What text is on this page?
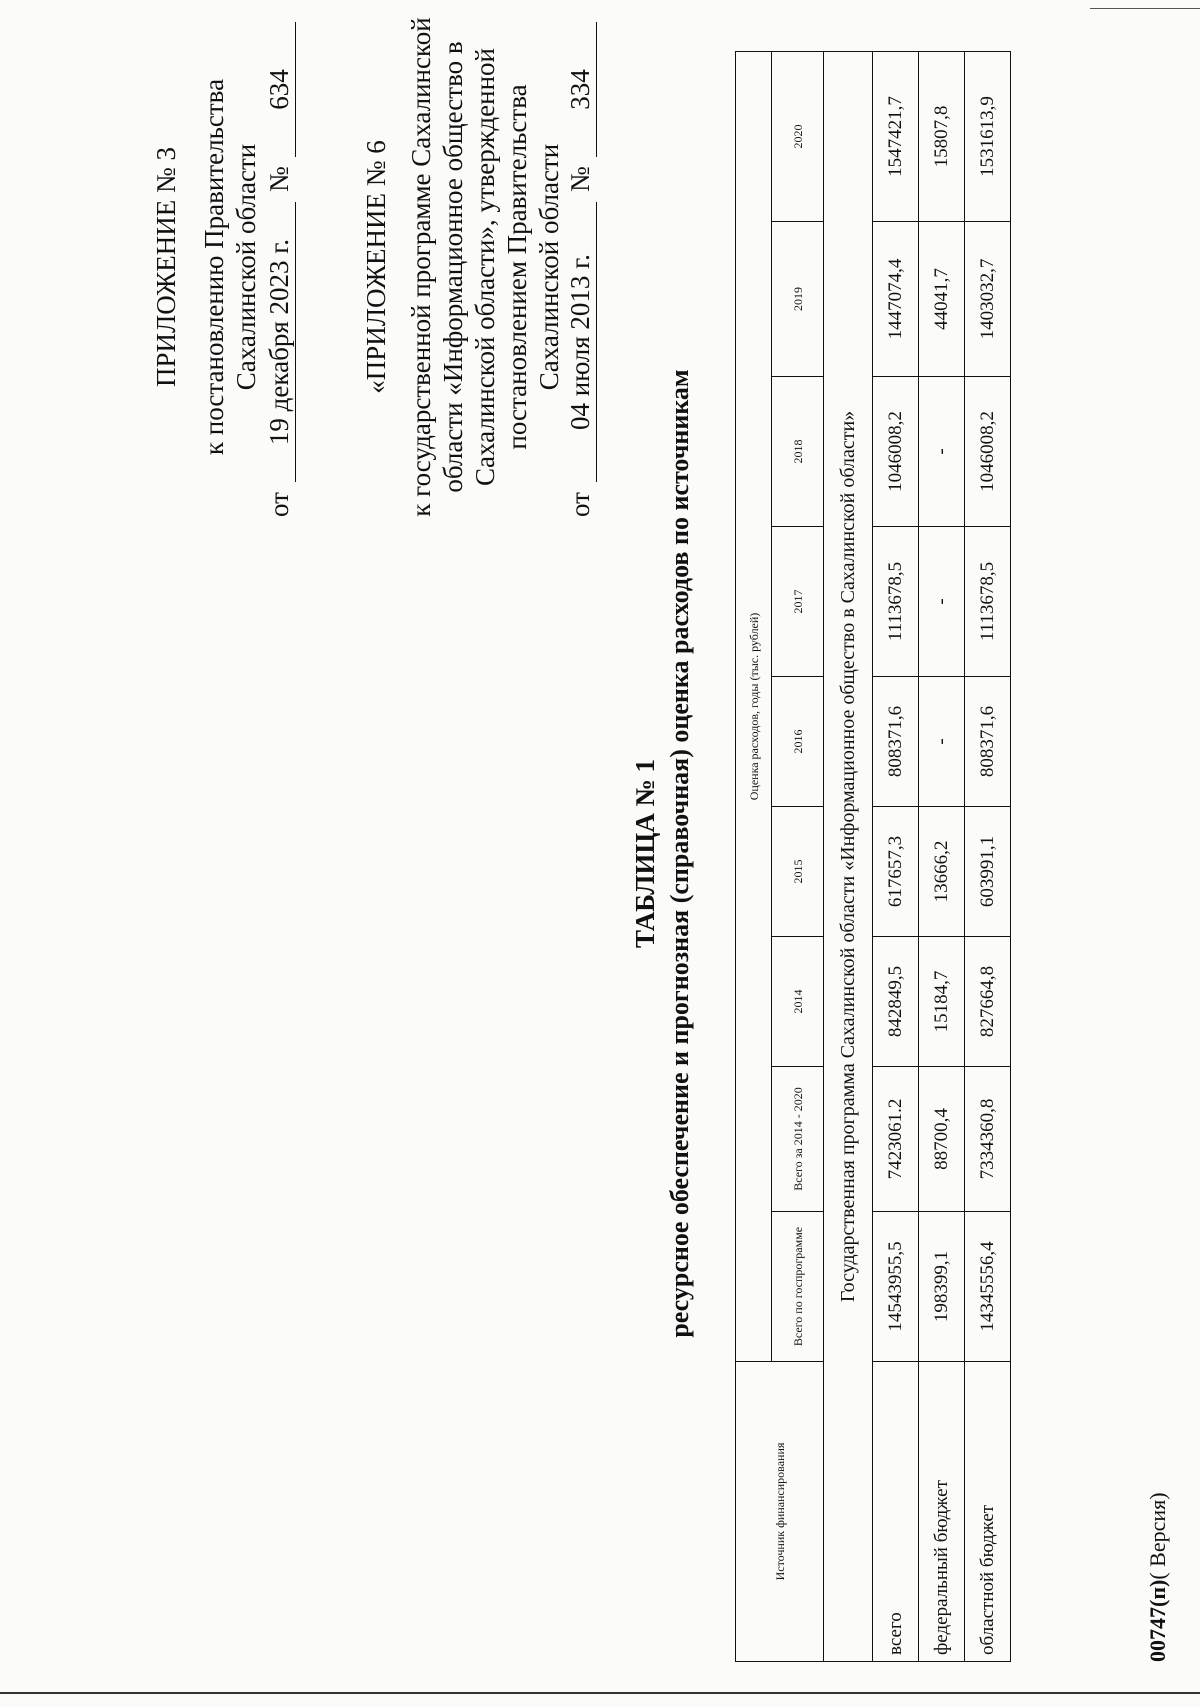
ПРИЛОЖЕНИЕ № 3 к постановлению Правительства Сахалинской области
от
19 декабря 2023 г.
№
634
«ПРИЛОЖЕНИЕ № 6 к государственной программе Сахалинской области «Информационное общество в Сахалинской области», утвержденной постановлением Правительства Сахалинской области
от
04 июля 2013 г.
№
334
ТАБЛИЦА № 1 ресурсное обеспечение и прогнозная (справочная) оценка расходов по источникам
Источник финансирования	Оценка расходов, годы (тыс. рублей)								
	Всего по госпрограмме	Всего за 2014 - 2020	2014	2015	2016	2017	2018	2019	2020
Государственная программа Сахалинской области «Информационное общество в Сахалинской области»									
всего	14543955,5	7423061.2	842849,5	617657,3	808371,6	1113678,5	1046008,2	1447074,4	1547421,7
федеральный бюджет	198399,1	88700,4	15184,7	13666,2	-	-	-	44041,7	15807,8
областной бюджет	14345556,4	7334360,8	827664,8	603991,1	808371,6	1113678,5	1046008,2	1403032,7	1531613,9
00747(п)( Версия)
